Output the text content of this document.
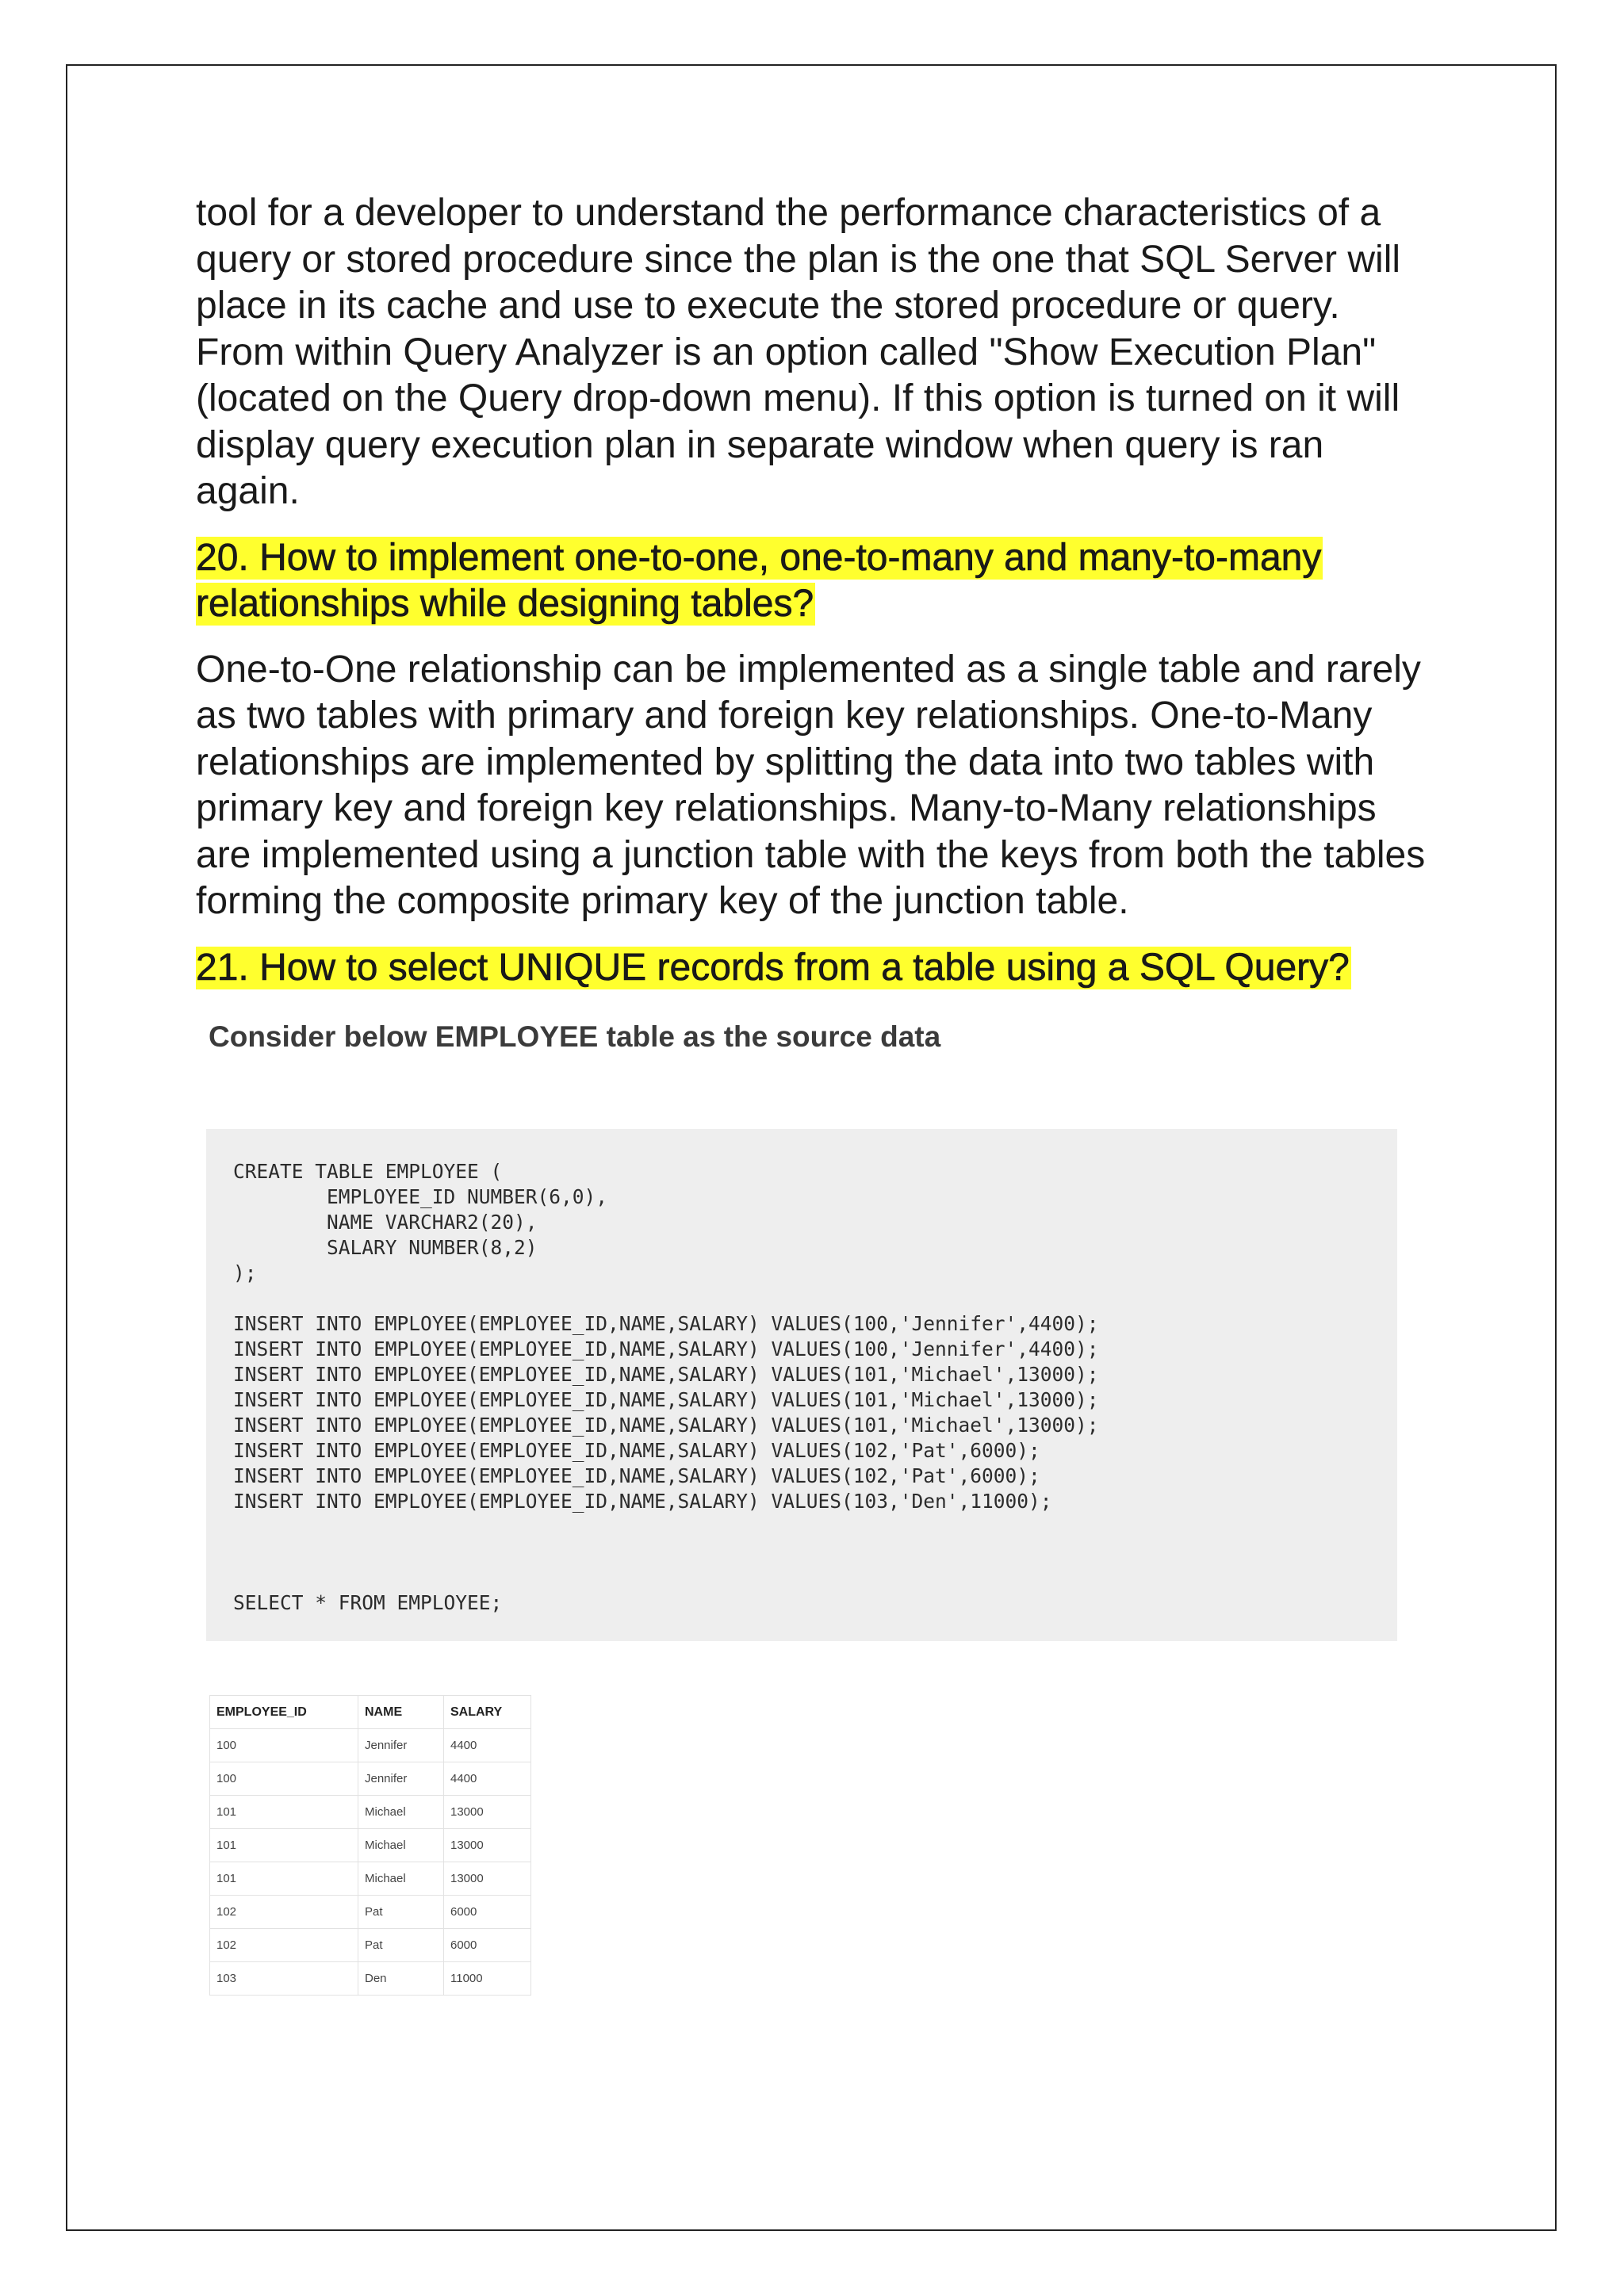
tool for a developer to understand the performance characteristics of a
query or stored procedure since the plan is the one that SQL Server will
place in its cache and use to execute the stored procedure or query.
From within Query Analyzer is an option called "Show Execution Plan"
(located on the Query drop-down menu). If this option is turned on it will
display query execution plan in separate window when query is ran
again.

20. How to implement one-to-one, one-to-many and many-to-many
relationships while designing tables?

One-to-One relationship can be implemented as a single table and rarely
as two tables with primary and foreign key relationships. One-to-Many
relationships are implemented by splitting the data into two tables with
primary key and foreign key relationships. Many-to-Many relationships
are implemented using a junction table with the keys from both the tables
forming the composite primary key of the junction table.

21. How to select UNIQUE records from a table using a SQL Query?
Consider below EMPLOYEE table as the source data
CREATE TABLE EMPLOYEE (
EMPLOYEE_ID NUMBER(6,0),
NAME VARCHAR2(20),
SALARY NUMBER(8,2)
);
INSERT INTO EMPLOYEE(EMPLOYEE_ID,NAME,SALARY) VALUES(100,'Jennifer',4400);
INSERT INTO EMPLOYEE(EMPLOYEE_ID,NAME,SALARY) VALUES(100,'Jennifer',4400);
INSERT INTO EMPLOYEE(EMPLOYEE_ID,NAME,SALARY) VALUES(101,'Michael',13000);
INSERT INTO EMPLOYEE(EMPLOYEE_ID,NAME,SALARY) VALUES(101,'Michael',13000);
INSERT INTO EMPLOYEE(EMPLOYEE_ID,NAME,SALARY) VALUES(101,'Michael',13000);
INSERT INTO EMPLOYEE(EMPLOYEE_ID,NAME,SALARY) VALUES(102,'Pat',6000);
INSERT INTO EMPLOYEE(EMPLOYEE_ID,NAME,SALARY) VALUES(102,'Pat',6000);
INSERT INTO EMPLOYEE(EMPLOYEE_ID,NAME,SALARY) VALUES(103,'Den',11000);
SELECT * FROM EMPLOYEE;
EMPLOYEE_ID	NAME	SALARY
100	Jennifer	4400
100	Jennifer	4400
101	Michael	13000
101	Michael	13000
101	Michael	13000
102	Pat	6000
102	Pat	6000
103	Den	11000
